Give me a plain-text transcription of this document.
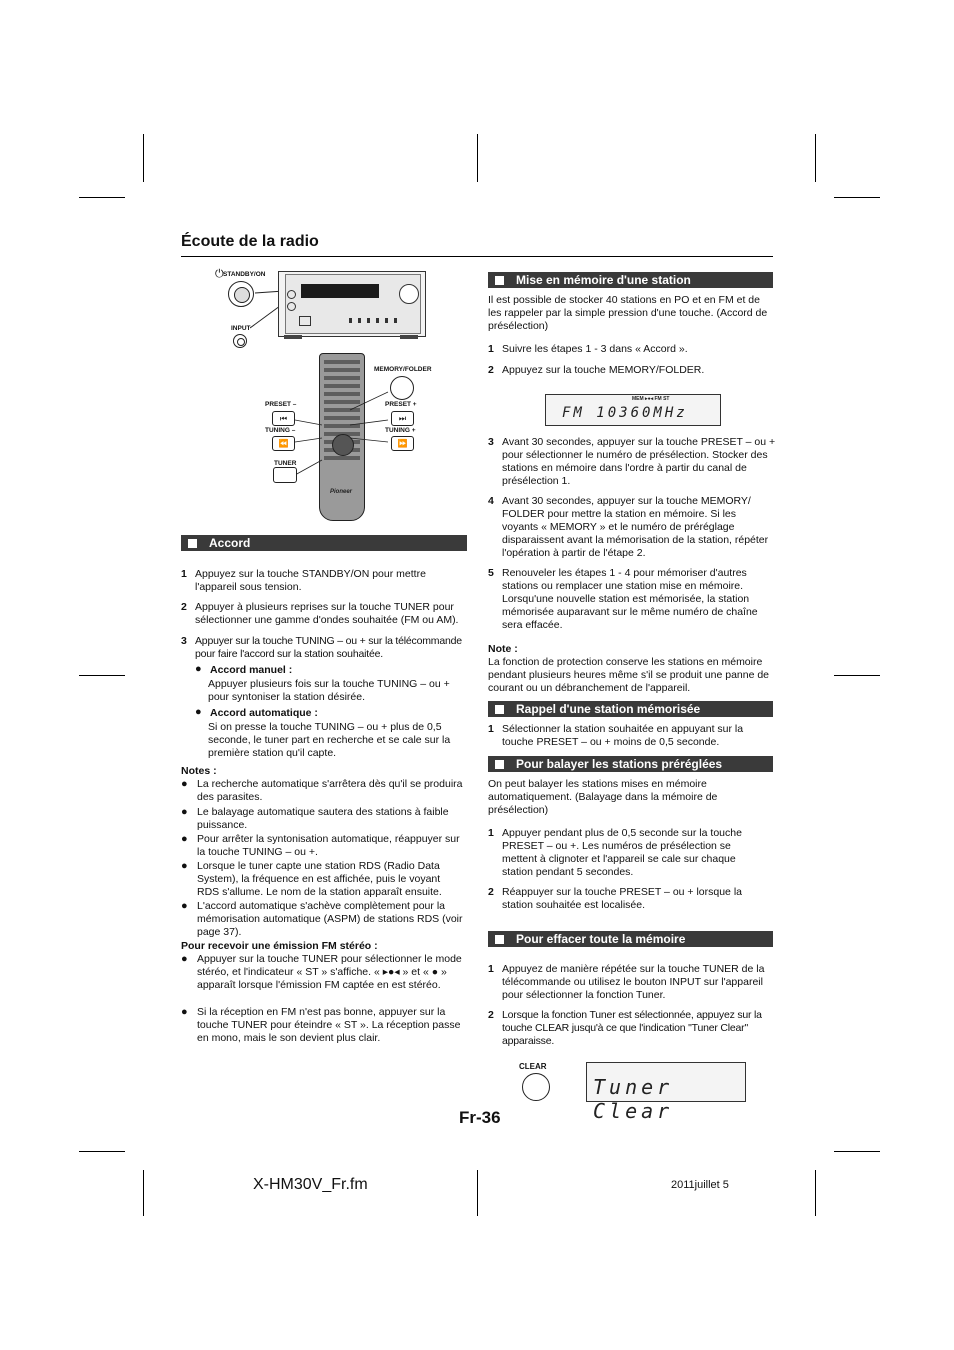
Écoute de la radio
⏻ STANDBY/ON
INPUT
Pioneer
MEMORY/FOLDER
PRESET –
⏮
PRESET +
⏭
TUNING –
⏪
TUNING +
⏩
TUNER
Accord
1 Appuyez sur la touche STANDBY/ON pour mettre l'appareil sous tension.
2 Appuyer à plusieurs reprises sur la touche TUNER pour sélectionner une gamme d'ondes souhaitée (FM ou AM).
3 Appuyer sur la touche TUNING – ou + sur la télécommande pour faire l'accord sur la station souhaitée.
● Accord manuel :
Appuyer plusieurs fois sur la touche TUNING – ou + pour syntoniser la station désirée.
● Accord automatique :
Si on presse la touche TUNING – ou + plus de 0,5 seconde, le tuner part en recherche et se cale sur la première station qu'il capte.
Notes :
● La recherche automatique s'arrêtera dès qu'il se produira des parasites.
● Le balayage automatique sautera des stations à faible puissance.
● Pour arrêter la syntonisation automatique, réappuyer sur la touche TUNING – ou +.
● Lorsque le tuner capte une station RDS (Radio Data System), la fréquence en est affichée, puis le voyant RDS s'allume. Le nom de la station apparaît ensuite.
● L'accord automatique s'achève complètement pour la mémorisation automatique (ASPM) de stations RDS (voir page 37).
Pour recevoir une émission FM stéréo :
● Appuyer sur la touche TUNER pour sélectionner le mode stéréo, et l'indicateur « ST » s'affiche. « ▸●◂ » et « ● » apparaît lorsque l'émission FM captée en est stéréo.
● Si la réception en FM n'est pas bonne, appuyer sur la touche TUNER pour éteindre « ST ». La réception passe en mono, mais le son devient plus clair.
Mise en mémoire d'une station
Il est possible de stocker 40 stations en PO et en FM et de les rappeler par la simple pression d'une touche. (Accord de présélection)
1 Suivre les étapes 1 - 3 dans « Accord ».
2 Appuyez sur la touche MEMORY/FOLDER.
MEM ▸●◂ FM ST
FM 10360MHz
3 Avant 30 secondes, appuyer sur la touche PRESET – ou + pour sélectionner le numéro de présélection. Stocker des stations en mémoire dans l'ordre à partir du canal de présélection 1.
4 Avant 30 secondes, appuyer sur la touche MEMORY/ FOLDER pour mettre la station en mémoire. Si les voyants « MEMORY » et le numéro de préréglage disparaissent avant la mémorisation de la station, répéter l'opération à partir de l'étape 2.
5 Renouveler les étapes 1 - 4 pour mémoriser d'autres stations ou remplacer une station mise en mémoire. Lorsqu'une nouvelle station est mémorisée, la station mémorisée auparavant sur le même numéro de chaîne sera effacée.
Note :
La fonction de protection conserve les stations en mémoire pendant plusieurs heures même s'il se produit une panne de courant ou un débranchement de l'appareil.
Rappel d'une station mémorisée
1 Sélectionner la station souhaitée en appuyant sur la touche PRESET – ou + moins de 0,5 seconde.
Pour balayer les stations préréglées
On peut balayer les stations mises en mémoire automatiquement. (Balayage dans la mémoire de présélection)
1 Appuyer pendant plus de 0,5 seconde sur la touche PRESET – ou +. Les numéros de présélection se mettent à clignoter et l'appareil se cale sur chaque station pendant 5 secondes.
2 Réappuyer sur la touche PRESET – ou + lorsque la station souhaitée est localisée.
Pour effacer toute la mémoire
1 Appuyez de manière répétée sur la touche TUNER de la télécommande ou utilisez le bouton INPUT sur l'appareil pour sélectionner la fonction Tuner.
2 Lorsque la fonction Tuner est sélectionnée, appuyez sur la touche CLEAR jusqu'à ce que l'indication "Tuner Clear" apparaisse.
CLEAR
Tuner Clear
Fr-36
X-HM30V_Fr.fm	2011juillet 5
